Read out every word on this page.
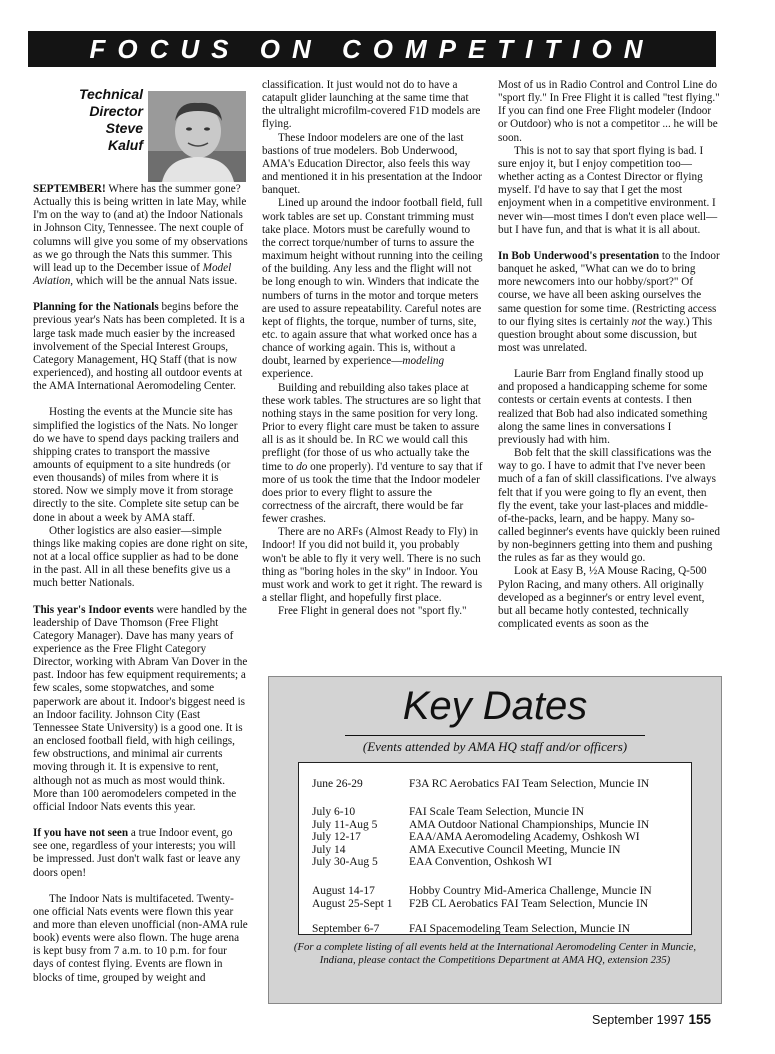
FOCUS ON COMPETITION
Technical
Director
Steve
Kaluf

SEPTEMBER! Where has the summer gone? Actually this is being written in late May, while I'm on the way to (and at) the Indoor Nationals in Johnson City, Tennessee. The next couple of columns will give you some of my observations as we go through the Nats this summer. This will lead up to the December issue of Model Aviation, which will be the annual Nats issue.

Planning for the Nationals begins before the previous year's Nats has been completed. It is a large task made much easier by the increased involvement of the Special Interest Groups, Category Management, HQ Staff (that is now experienced), and hosting all outdoor events at the AMA International Aeromodeling Center.

Hosting the events at the Muncie site has simplified the logistics of the Nats. No longer do we have to spend days packing trailers and shipping crates to transport the massive amounts of equipment to a site hundreds (or even thousands) of miles from where it is stored. Now we simply move it from storage directly to the site. Complete site setup can be done in about a week by AMA staff.

Other logistics are also easier—simple things like making copies are done right on site, not at a local office supplier as had to be done in the past. All in all these benefits give us a much better Nationals.

This year's Indoor events were handled by the leadership of Dave Thomson (Free Flight Category Manager). Dave has many years of experience as the Free Flight Category Director, working with Abram Van Dover in the past. Indoor has few equipment requirements; a few scales, some stopwatches, and some paperwork are about it. Indoor's biggest need is an Indoor facility. Johnson City (East Tennessee State University) is a good one. It is an enclosed football field, with high ceilings, few obstructions, and minimal air currents moving through it. It is expensive to rent, although not as much as most would think. More than 100 aeromodelers competed in the official Indoor Nats events this year.

If you have not seen a true Indoor event, go see one, regardless of your interests; you will be impressed. Just don't walk fast or leave any doors open!

The Indoor Nats is multifaceted. Twenty-one official Nats events were flown this year and more than eleven unofficial (non-AMA rule book) events were also flown. The huge arena is kept busy from 7 a.m. to 10 p.m. for four days of contest flying. Events are flown in blocks of time, grouped by weight and

classification. It just would not do to have a catapult glider launching at the same time that the ultralight microfilm-covered F1D models are flying.

These Indoor modelers are one of the last bastions of true modelers. Bob Underwood, AMA's Education Director, also feels this way and mentioned it in his presentation at the Indoor banquet.

Lined up around the indoor football field, full work tables are set up. Constant trimming must take place. Motors must be carefully wound to the correct torque/number of turns to assure the maximum height without running into the ceiling of the building. Any less and the flight will not be long enough to win. Winders that indicate the numbers of turns in the motor and torque meters are used to assure repeatability. Careful notes are kept of flights, the torque, number of turns, site, etc. to again assure that what worked once has a chance of working again. This is, without a doubt, learned by experience—modeling experience.

Building and rebuilding also takes place at these work tables. The structures are so light that nothing stays in the same position for very long. Prior to every flight care must be taken to assure all is as it should be. In RC we would call this preflight (for those of us who actually take the time to do one properly). I'd venture to say that if more of us took the time that the Indoor modeler does prior to every flight to assure the correctness of the aircraft, there would be far fewer crashes.

There are no ARFs (Almost Ready to Fly) in Indoor! If you did not build it, you probably won't be able to fly it very well. There is no such thing as "boring holes in the sky" in Indoor. You must work and work to get it right. The reward is a stellar flight, and hopefully first place.

Free Flight in general does not "sport fly."

Most of us in Radio Control and Control Line do "sport fly." In Free Flight it is called "test flying." If you can find one Free Flight modeler (Indoor or Outdoor) who is not a competitor ... he will be soon.

This is not to say that sport flying is bad. I sure enjoy it, but I enjoy competition too—whether acting as a Contest Director or flying myself. I'd have to say that I get the most enjoyment when in a competitive environment. I never win—most times I don't even place well—but I have fun, and that is what it is all about.

In Bob Underwood's presentation to the Indoor banquet he asked, "What can we do to bring more newcomers into our hobby/sport?" Of course, we have all been asking ourselves the same question for some time. (Restricting access to our flying sites is certainly not the way.) This question brought about some discussion, but most was unrelated.

Laurie Barr from England finally stood up and proposed a handicapping scheme for some contests or certain events at contests. I then realized that Bob had also indicated something along the same lines in conversations I previously had with him.

Bob felt that the skill classifications was the way to go. I have to admit that I've never been much of a fan of skill classifications. I've always felt that if you were going to fly an event, then fly the event, take your last-places and middle-of-the-packs, learn, and be happy. Many so-called beginner's events have quickly been ruined by non-beginners getting into them and pushing the rules as far as they would go.

Look at Easy B, ½A Mouse Racing, Q-500 Pylon Racing, and many others. All originally developed as a beginner's or entry level event, but all became hotly contested, technically complicated events as soon as the

Key Dates
(Events attended by AMA HQ staff and/or officers)
June 26-29	F3A RC Aerobatics FAI Team Selection, Muncie IN
July 6-10	FAI Scale Team Selection, Muncie IN
July 11-Aug 5	AMA Outdoor National Championships, Muncie IN
July 12-17	EAA/AMA Aeromodeling Academy, Oshkosh WI
July 14	AMA Executive Council Meeting, Muncie IN
July 30-Aug 5	EAA Convention, Oshkosh WI
August 14-17	Hobby Country Mid-America Challenge, Muncie IN
August 25-Sept 1 F2B CL Aerobatics FAI Team Selection, Muncie IN
September 6-7	FAI Spacemodeling Team Selection, Muncie IN
(For a complete listing of all events held at the International Aeromodeling Center in Muncie, Indiana, please contact the Competitions Department at AMA HQ, extension 235)
September 1997 155
